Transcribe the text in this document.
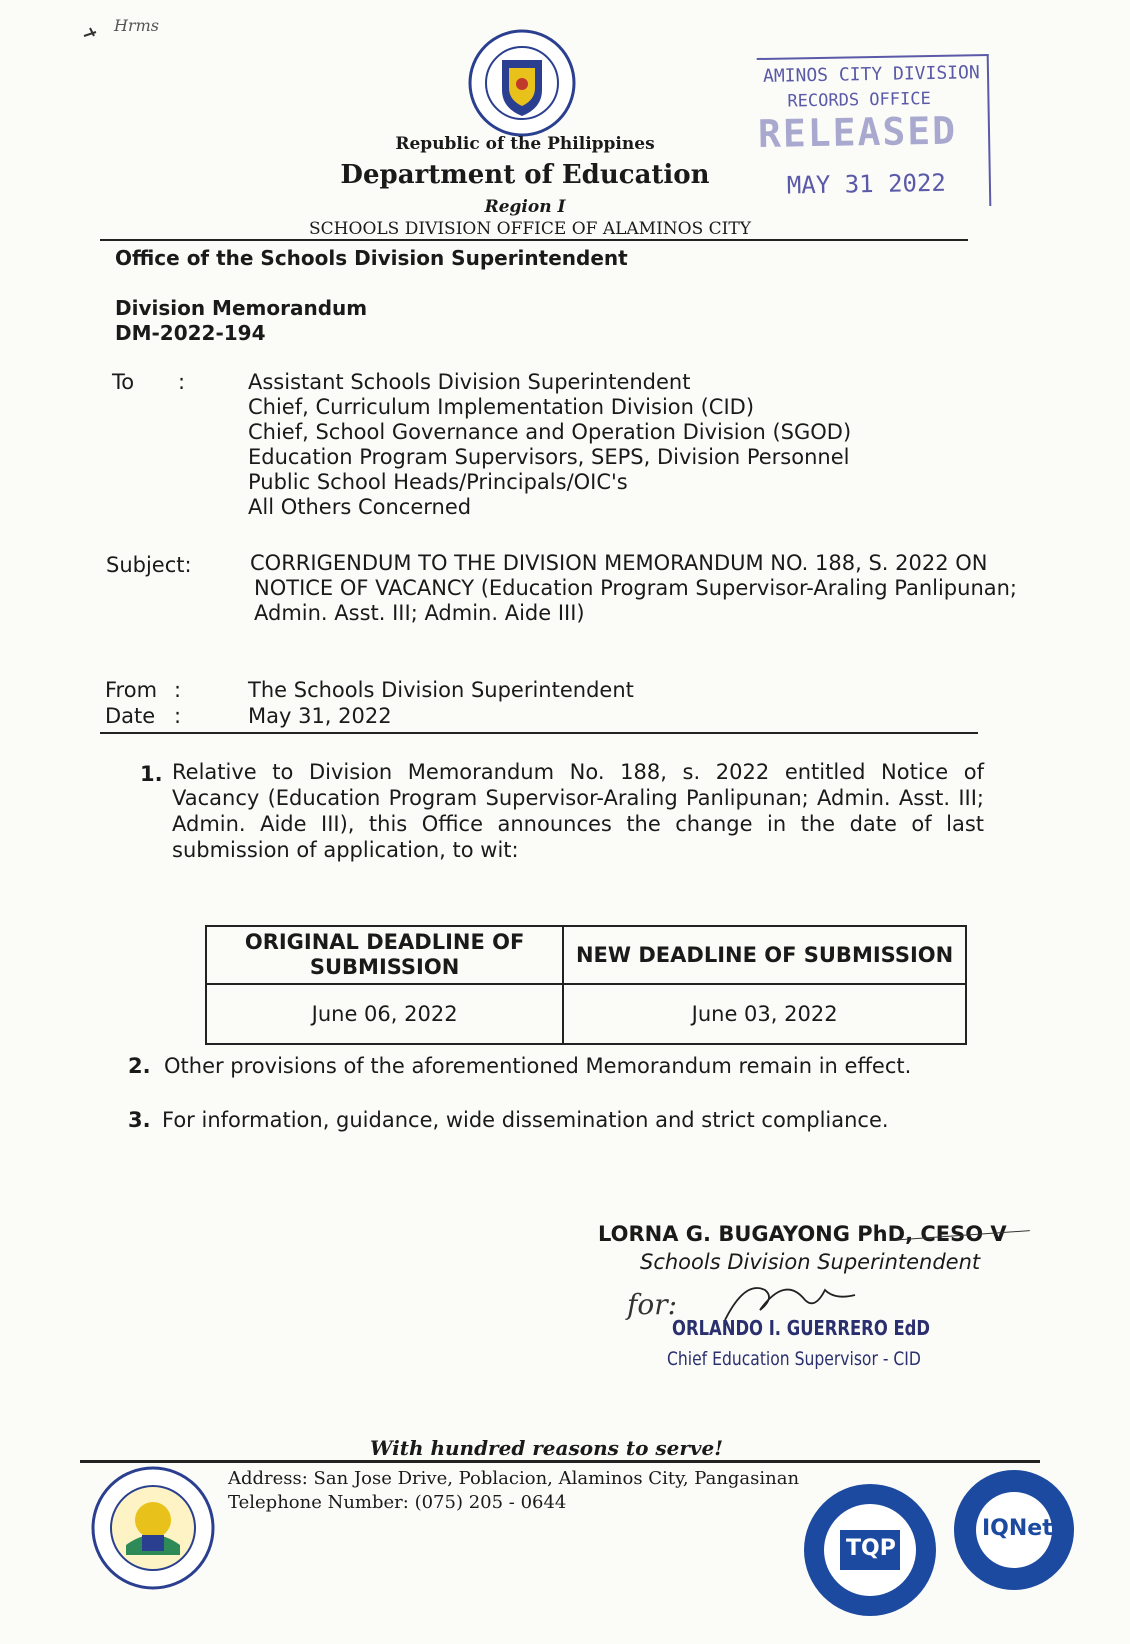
Hrms
Republic of the Philippines
Department of Education
Region I
SCHOOLS DIVISION OFFICE OF ALAMINOS CITY
Office of the Schools Division Superintendent
AMINOS CITY DIVISION
RECORDS OFFICE
RELEASED
MAY 31 2022
Division Memorandum
DM-2022-194
To :	Assistant Schools Division Superintendent
Chief, Curriculum Implementation Division (CID)
Chief, School Governance and Operation Division (SGOD)
Education Program Supervisors, SEPS, Division Personnel
Public School Heads/Principals/OIC's
All Others Concerned
Subject:	CORRIGENDUM TO THE DIVISION MEMORANDUM NO. 188, S. 2022 ON
NOTICE OF VACANCY (Education Program Supervisor-Araling Panlipunan;
Admin. Asst. III; Admin. Aide III)
From :	The Schools Division Superintendent
Date :	May 31, 2022
1. Relative to Division Memorandum No. 188, s. 2022 entitled Notice of Vacancy (Education Program Supervisor-Araling Panlipunan; Admin. Asst. III; Admin. Aide III), this Office announces the change in the date of last submission of application, to wit:
ORIGINAL DEADLINE OF SUBMISSION	NEW DEADLINE OF SUBMISSION
June 06, 2022	June 03, 2022
2. Other provisions of the aforementioned Memorandum remain in effect.
3. For information, guidance, wide dissemination and strict compliance.
LORNA G. BUGAYONG PhD, CESO V
Schools Division Superintendent
for:
ORLANDO I. GUERRERO EdD
Chief Education Supervisor - CID
With hundred reasons to serve!
Address: San Jose Drive, Poblacion, Alaminos City, Pangasinan
Telephone Number: (075) 205 - 0644
TQP
IQNet
